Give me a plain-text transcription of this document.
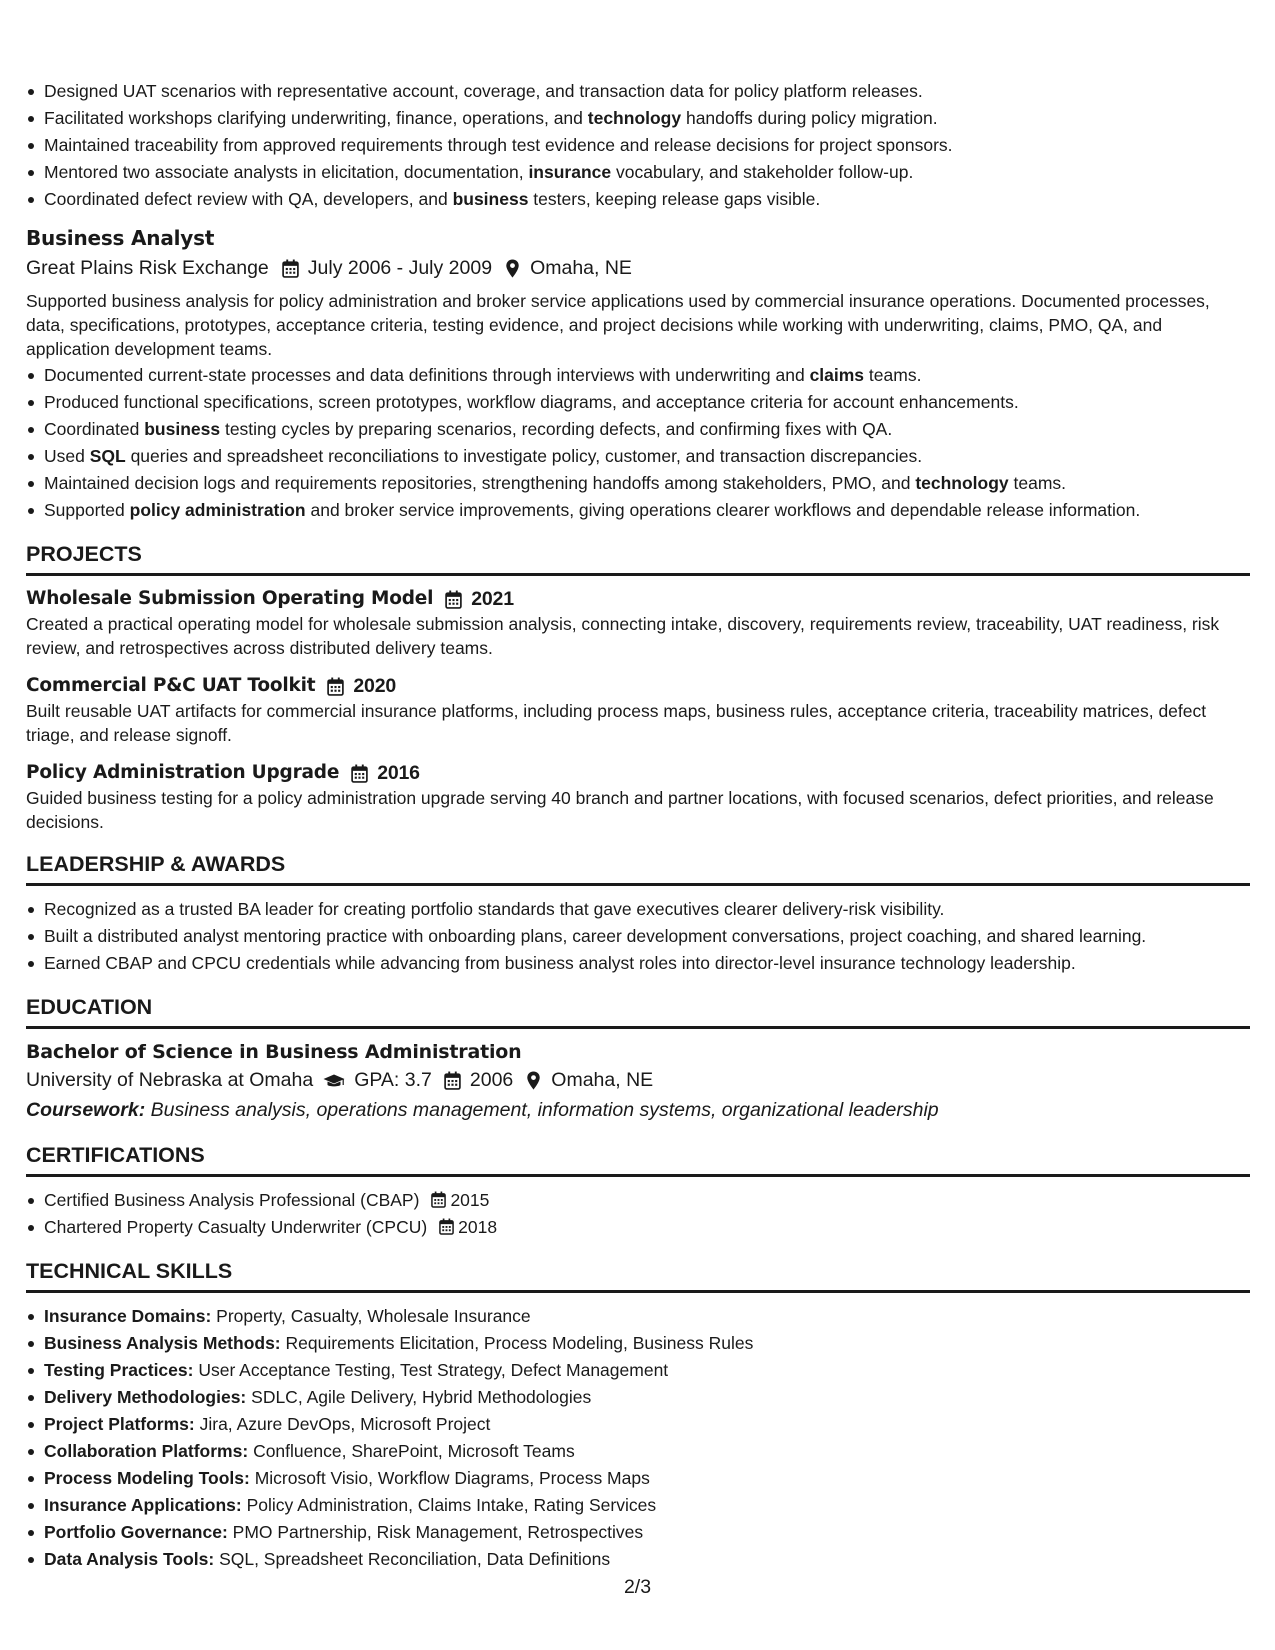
Designed UAT scenarios with representative account, coverage, and transaction data for policy platform releases.
Facilitated workshops clarifying underwriting, finance, operations, and technology handoffs during policy migration.
Maintained traceability from approved requirements through test evidence and release decisions for project sponsors.
Mentored two associate analysts in elicitation, documentation, insurance vocabulary, and stakeholder follow-up.
Coordinated defect review with QA, developers, and business testers, keeping release gaps visible.
Business Analyst
Great Plains Risk Exchange July 2006 - July 2009 Omaha, NE
Supported business analysis for policy administration and broker service applications used by commercial insurance operations. Documented processes, data, specifications, prototypes, acceptance criteria, testing evidence, and project decisions while working with underwriting, claims, PMO, QA, and application development teams.
Documented current-state processes and data definitions through interviews with underwriting and claims teams.
Produced functional specifications, screen prototypes, workflow diagrams, and acceptance criteria for account enhancements.
Coordinated business testing cycles by preparing scenarios, recording defects, and confirming fixes with QA.
Used SQL queries and spreadsheet reconciliations to investigate policy, customer, and transaction discrepancies.
Maintained decision logs and requirements repositories, strengthening handoffs among stakeholders, PMO, and technology teams.
Supported policy administration and broker service improvements, giving operations clearer workflows and dependable release information.
PROJECTS
Wholesale Submission Operating Model 2021
Created a practical operating model for wholesale submission analysis, connecting intake, discovery, requirements review, traceability, UAT readiness, risk review, and retrospectives across distributed delivery teams.
Commercial P&C UAT Toolkit 2020
Built reusable UAT artifacts for commercial insurance platforms, including process maps, business rules, acceptance criteria, traceability matrices, defect triage, and release signoff.
Policy Administration Upgrade 2016
Guided business testing for a policy administration upgrade serving 40 branch and partner locations, with focused scenarios, defect priorities, and release decisions.
LEADERSHIP & AWARDS
Recognized as a trusted BA leader for creating portfolio standards that gave executives clearer delivery-risk visibility.
Built a distributed analyst mentoring practice with onboarding plans, career development conversations, project coaching, and shared learning.
Earned CBAP and CPCU credentials while advancing from business analyst roles into director-level insurance technology leadership.
EDUCATION
Bachelor of Science in Business Administration
University of Nebraska at Omaha GPA: 3.7 2006 Omaha, NE
Coursework: Business analysis, operations management, information systems, organizational leadership
CERTIFICATIONS
Certified Business Analysis Professional (CBAP) 2015
Chartered Property Casualty Underwriter (CPCU) 2018
TECHNICAL SKILLS
Insurance Domains: Property, Casualty, Wholesale Insurance
Business Analysis Methods: Requirements Elicitation, Process Modeling, Business Rules
Testing Practices: User Acceptance Testing, Test Strategy, Defect Management
Delivery Methodologies: SDLC, Agile Delivery, Hybrid Methodologies
Project Platforms: Jira, Azure DevOps, Microsoft Project
Collaboration Platforms: Confluence, SharePoint, Microsoft Teams
Process Modeling Tools: Microsoft Visio, Workflow Diagrams, Process Maps
Insurance Applications: Policy Administration, Claims Intake, Rating Services
Portfolio Governance: PMO Partnership, Risk Management, Retrospectives
Data Analysis Tools: SQL, Spreadsheet Reconciliation, Data Definitions
2/3
